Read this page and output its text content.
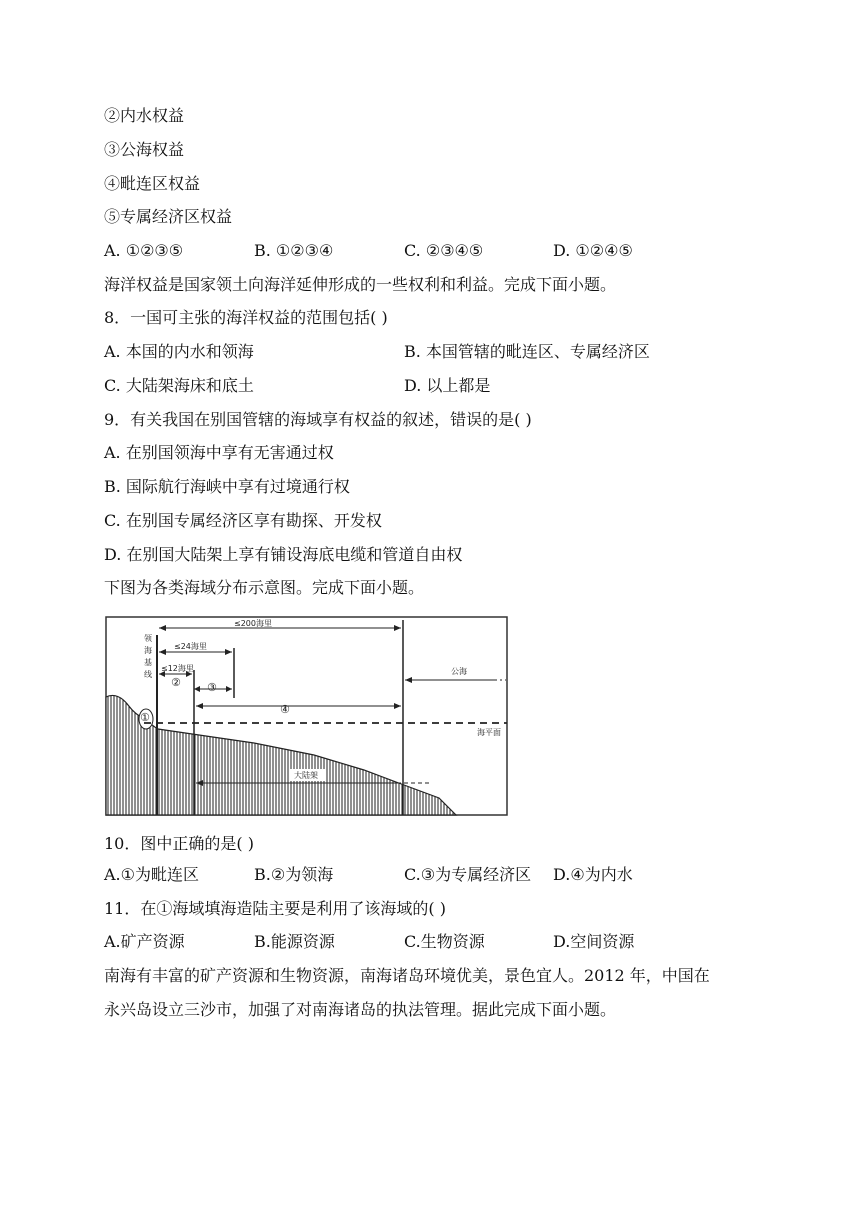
②内水权益
③公海权益
④毗连区权益
⑤专属经济区权益
A. ①②③⑤	B. ①②③④	C. ②③④⑤	D. ①②④⑤
海洋权益是国家领土向海洋延伸形成的一些权利和利益。完成下面小题。
8．一国可主张的海洋权益的范围包括( )
A. 本国的内水和领海	B. 本国管辖的毗连区、专属经济区
C. 大陆架海床和底土	D. 以上都是
9．有关我国在别国管辖的海域享有权益的叙述，错误的是( )
A. 在别国领海中享有无害通过权
B. 国际航行海峡中享有过境通行权
C. 在别国专属经济区享有勘探、开发权
D. 在别国大陆架上享有铺设海底电缆和管道自由权
下图为各类海域分布示意图。完成下面小题。
≤200海里
≤24海里
≤12海里
大陆架
领
海
基
线
①
② ③
④
公海
海平面
10．图中正确的是( )
A.①为毗连区	B.②为领海	C.③为专属经济区 D.④为内水
11．在①海域填海造陆主要是利用了该海域的( )
A.矿产资源	B.能源资源	C.生物资源	D.空间资源
南海有丰富的矿产资源和生物资源，南海诸岛环境优美，景色宜人。2012 年，中国在
永兴岛设立三沙市，加强了对南海诸岛的执法管理。据此完成下面小题。
